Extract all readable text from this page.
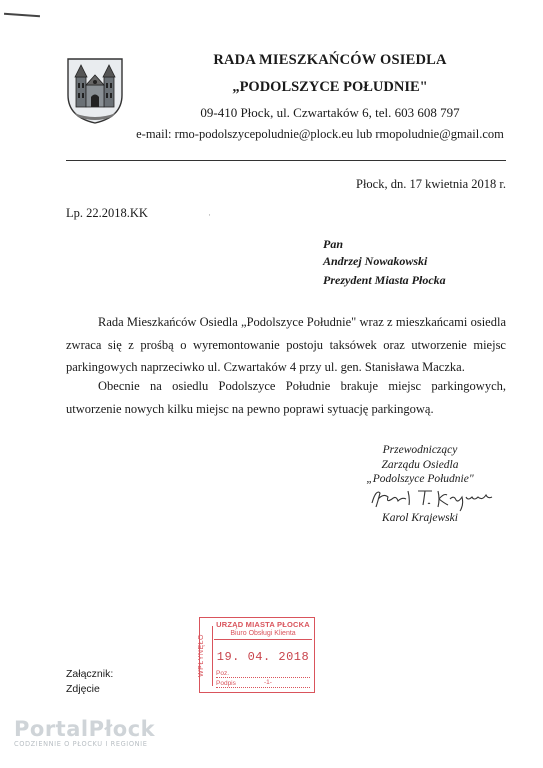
RADA MIESZKAŃCÓW OSIEDLA
„PODOLSZYCE POŁUDNIE"
09-410 Płock, ul. Czwartaków 6, tel. 603 608 797
e-mail: rmo-podolszycepoludnie@plock.eu lub rmopoludnie@gmail.com
Płock, dn. 17 kwietnia 2018 r.
Lp. 22.2018.KK	·
Pan
Andrzej Nowakowski
Prezydent Miasta Płocka

Rada Mieszkańców Osiedla „Podolszyce Południe" wraz z mieszkańcami osiedla zwraca się z prośbą o wyremontowanie postoju taksówek oraz utworzenie miejsc parkingowych naprzeciwko ul. Czwartaków 4 przy ul. gen. Stanisława Maczka.

Obecnie na osiedlu Podolszyce Południe brakuje miejsc parkingowych, utworzenie nowych kilku miejsc na pewno poprawi sytuację parkingową.

Przewodniczący
Zarządu Osiedla
„Podolszyce Południe"
Karol Krajewski
WPŁYNĘŁO
URZĄD MIASTA PŁOCKA
Biuro Obsługi Klienta
19. 04. 2018
Poz.
Podpis	-1-
Załącznik:
Zdjęcie
PortalPłock
CODZIENNIE O PŁOCKU I REGIONIE
